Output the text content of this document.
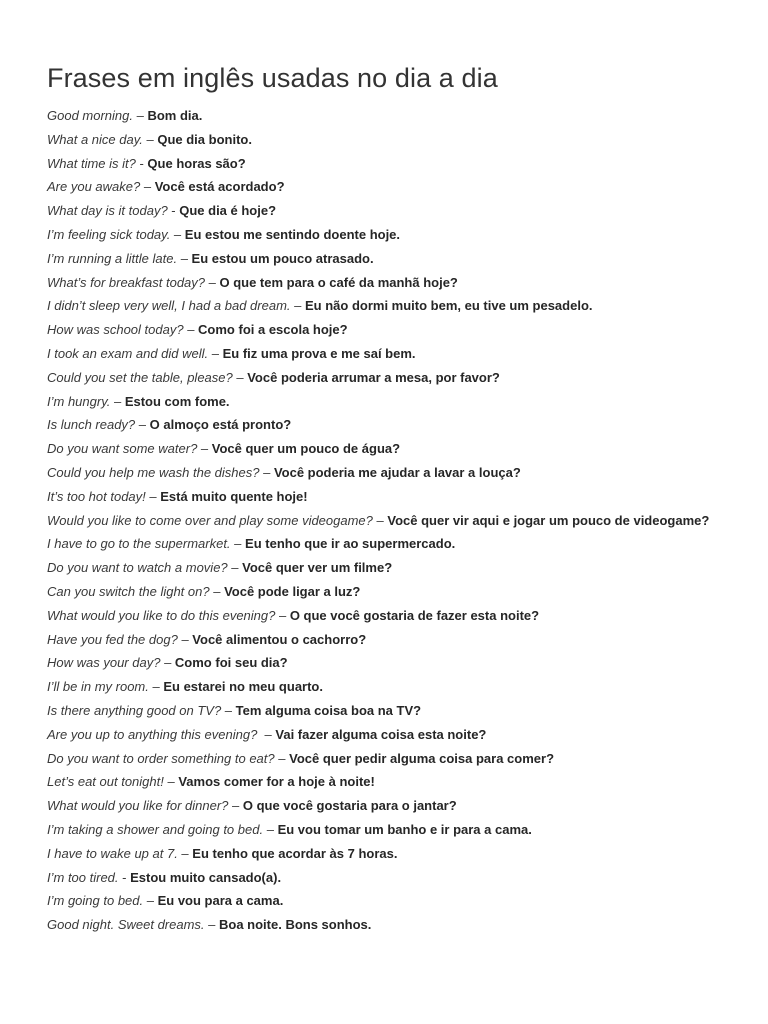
Frases em inglês usadas no dia a dia
Good morning. – Bom dia.
What a nice day. – Que dia bonito.
What time is it? - Que horas são?
Are you awake? – Você está acordado?
What day is it today? - Que dia é hoje?
I’m feeling sick today. – Eu estou me sentindo doente hoje.
I’m running a little late. – Eu estou um pouco atrasado.
What’s for breakfast today? – O que tem para o café da manhã hoje?
I didn’t sleep very well, I had a bad dream. – Eu não dormi muito bem, eu tive um pesadelo.
How was school today? – Como foi a escola hoje?
I took an exam and did well. – Eu fiz uma prova e me saí bem.
Could you set the table, please? – Você poderia arrumar a mesa, por favor?
I’m hungry. – Estou com fome.
Is lunch ready? – O almoço está pronto?
Do you want some water? – Você quer um pouco de água?
Could you help me wash the dishes? – Você poderia me ajudar a lavar a louça?
It’s too hot today! – Está muito quente hoje!
Would you like to come over and play some videogame? – Você quer vir aqui e jogar um pouco de videogame?
I have to go to the supermarket. – Eu tenho que ir ao supermercado.
Do you want to watch a movie? – Você quer ver um filme?
Can you switch the light on? – Você pode ligar a luz?
What would you like to do this evening? – O que você gostaria de fazer esta noite?
Have you fed the dog? – Você alimentou o cachorro?
How was your day? – Como foi seu dia?
I’ll be in my room. – Eu estarei no meu quarto.
Is there anything good on TV? – Tem alguma coisa boa na TV?
Are you up to anything this evening?  – Vai fazer alguma coisa esta noite?
Do you want to order something to eat? – Você quer pedir alguma coisa para comer?
Let’s eat out tonight! – Vamos comer for a hoje à noite!
What would you like for dinner? – O que você gostaria para o jantar?
I’m taking a shower and going to bed. – Eu vou tomar um banho e ir para a cama.
I have to wake up at 7. – Eu tenho que acordar às 7 horas.
I’m too tired. - Estou muito cansado(a).
I’m going to bed. – Eu vou para a cama.
Good night. Sweet dreams. – Boa noite. Bons sonhos.
